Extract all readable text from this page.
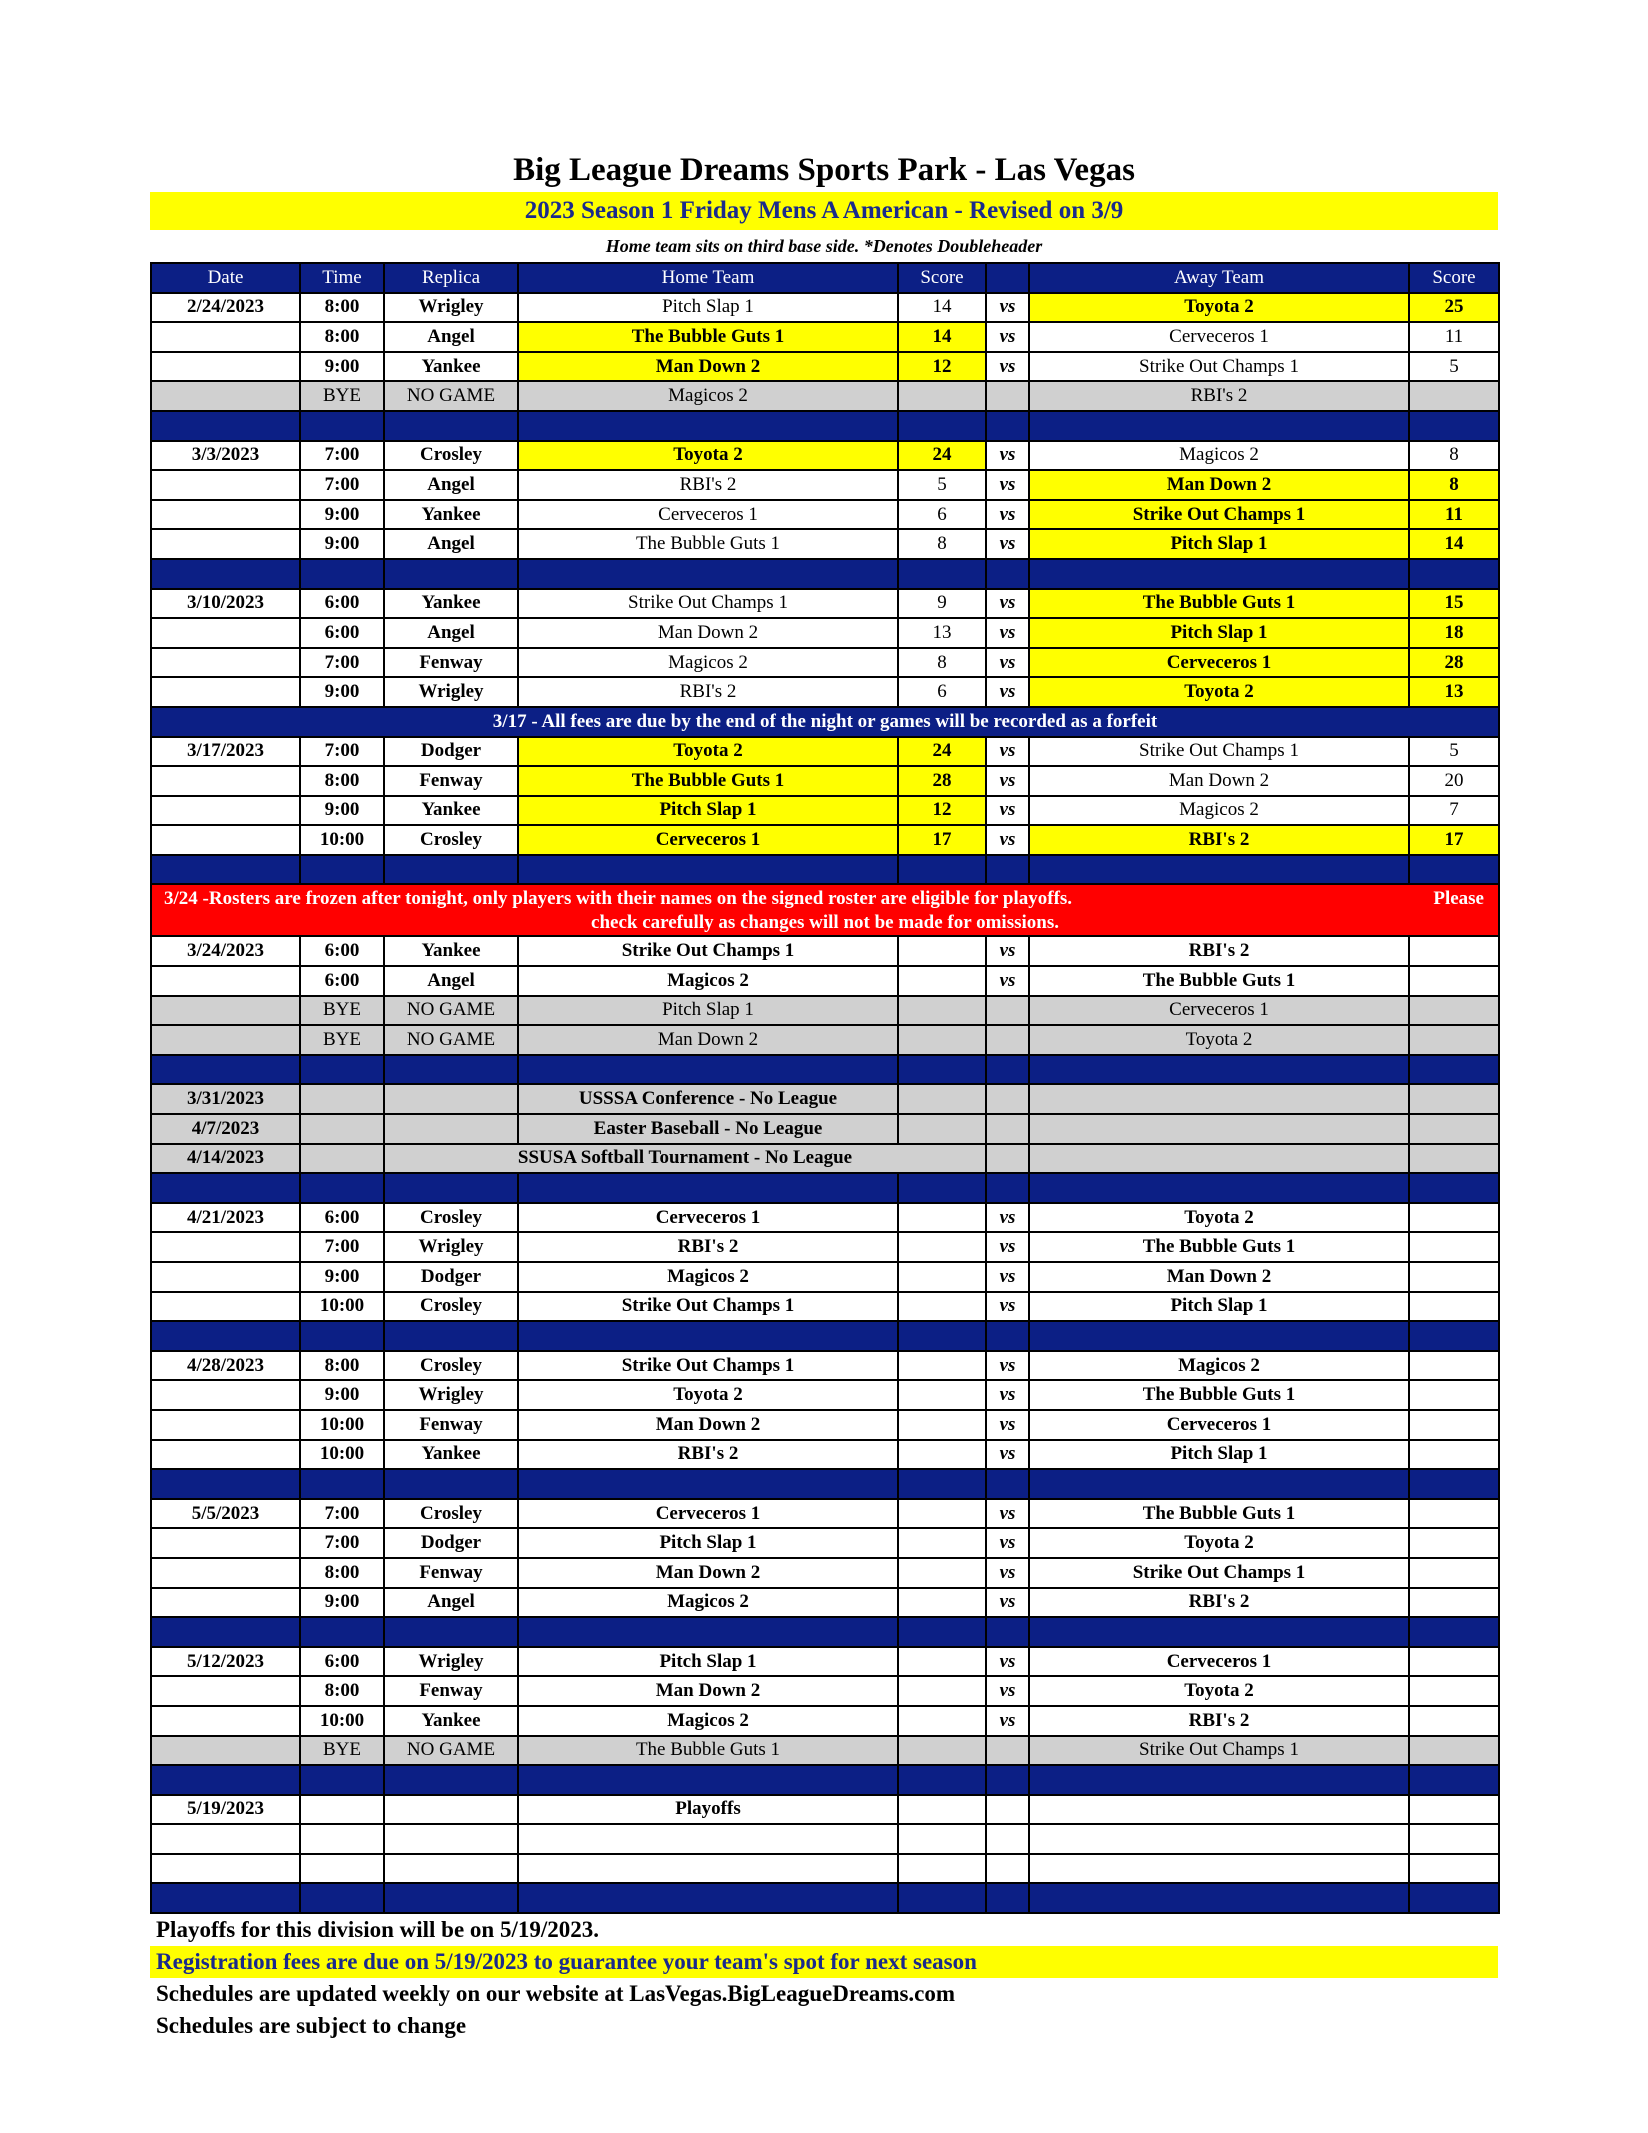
Big League Dreams Sports Park - Las Vegas
2023 Season 1 Friday Mens A American - Revised on 3/9
Home team sits on third base side. *Denotes Doubleheader
Date	Time	Replica	Home Team	Score		Away Team	Score
2/24/2023	8:00	Wrigley	Pitch Slap 1	14	vs	Toyota 2	25
	8:00	Angel	The Bubble Guts 1	14	vs	Cerveceros 1	11
	9:00	Yankee	Man Down 2	12	vs	Strike Out Champs 1	5
	BYE	NO GAME	Magicos 2			RBI's 2	

3/3/2023	7:00	Crosley	Toyota 2	24	vs	Magicos 2	8
	7:00	Angel	RBI's 2	5	vs	Man Down 2	8
	9:00	Yankee	Cerveceros 1	6	vs	Strike Out Champs 1	11
	9:00	Angel	The Bubble Guts 1	8	vs	Pitch Slap 1	14

3/10/2023	6:00	Yankee	Strike Out Champs 1	9	vs	The Bubble Guts 1	15
	6:00	Angel	Man Down 2	13	vs	Pitch Slap 1	18
	7:00	Fenway	Magicos 2	8	vs	Cerveceros 1	28
	9:00	Wrigley	RBI's 2	6	vs	Toyota 2	13
3/17 - All fees are due by the end of the night or games will be recorded as a forfeit							
3/17/2023	7:00	Dodger	Toyota 2	24	vs	Strike Out Champs 1	5
	8:00	Fenway	The Bubble Guts 1	28	vs	Man Down 2	20
	9:00	Yankee	Pitch Slap 1	12	vs	Magicos 2	7
	10:00	Crosley	Cerveceros 1	17	vs	RBI's 2	17

3/24 -Rosters are frozen after tonight, only players with their names on the signed roster are eligible for playoffs. Please
check carefully as changes will not be made for omissions.							

3/24/2023	6:00	Yankee	Strike Out Champs 1		vs	RBI's 2	
	6:00	Angel	Magicos 2		vs	The Bubble Guts 1	
	BYE	NO GAME	Pitch Slap 1			Cerveceros 1	
	BYE	NO GAME	Man Down 2			Toyota 2	

3/31/2023			USSSA Conference - No League				
4/7/2023			Easter Baseball - No League				
4/14/2023		SSUSA Softball Tournament - No League					

4/21/2023	6:00	Crosley	Cerveceros 1		vs	Toyota 2	
	7:00	Wrigley	RBI's 2		vs	The Bubble Guts 1	
	9:00	Dodger	Magicos 2		vs	Man Down 2	
	10:00	Crosley	Strike Out Champs 1		vs	Pitch Slap 1	

4/28/2023	8:00	Crosley	Strike Out Champs 1		vs	Magicos 2	
	9:00	Wrigley	Toyota 2		vs	The Bubble Guts 1	
	10:00	Fenway	Man Down 2		vs	Cerveceros 1	
	10:00	Yankee	RBI's 2		vs	Pitch Slap 1	

5/5/2023	7:00	Crosley	Cerveceros 1		vs	The Bubble Guts 1	
	7:00	Dodger	Pitch Slap 1		vs	Toyota 2	
	8:00	Fenway	Man Down 2		vs	Strike Out Champs 1	
	9:00	Angel	Magicos 2		vs	RBI's 2	

5/12/2023	6:00	Wrigley	Pitch Slap 1		vs	Cerveceros 1	
	8:00	Fenway	Man Down 2		vs	Toyota 2	
	10:00	Yankee	Magicos 2		vs	RBI's 2	
	BYE	NO GAME	The Bubble Guts 1			Strike Out Champs 1	

5/19/2023			Playoffs				

Playoffs for this division will be on 5/19/2023.
Registration fees are due on 5/19/2023 to guarantee your team's spot for next season
Schedules are updated weekly on our website at LasVegas.BigLeagueDreams.com
Schedules are subject to change
